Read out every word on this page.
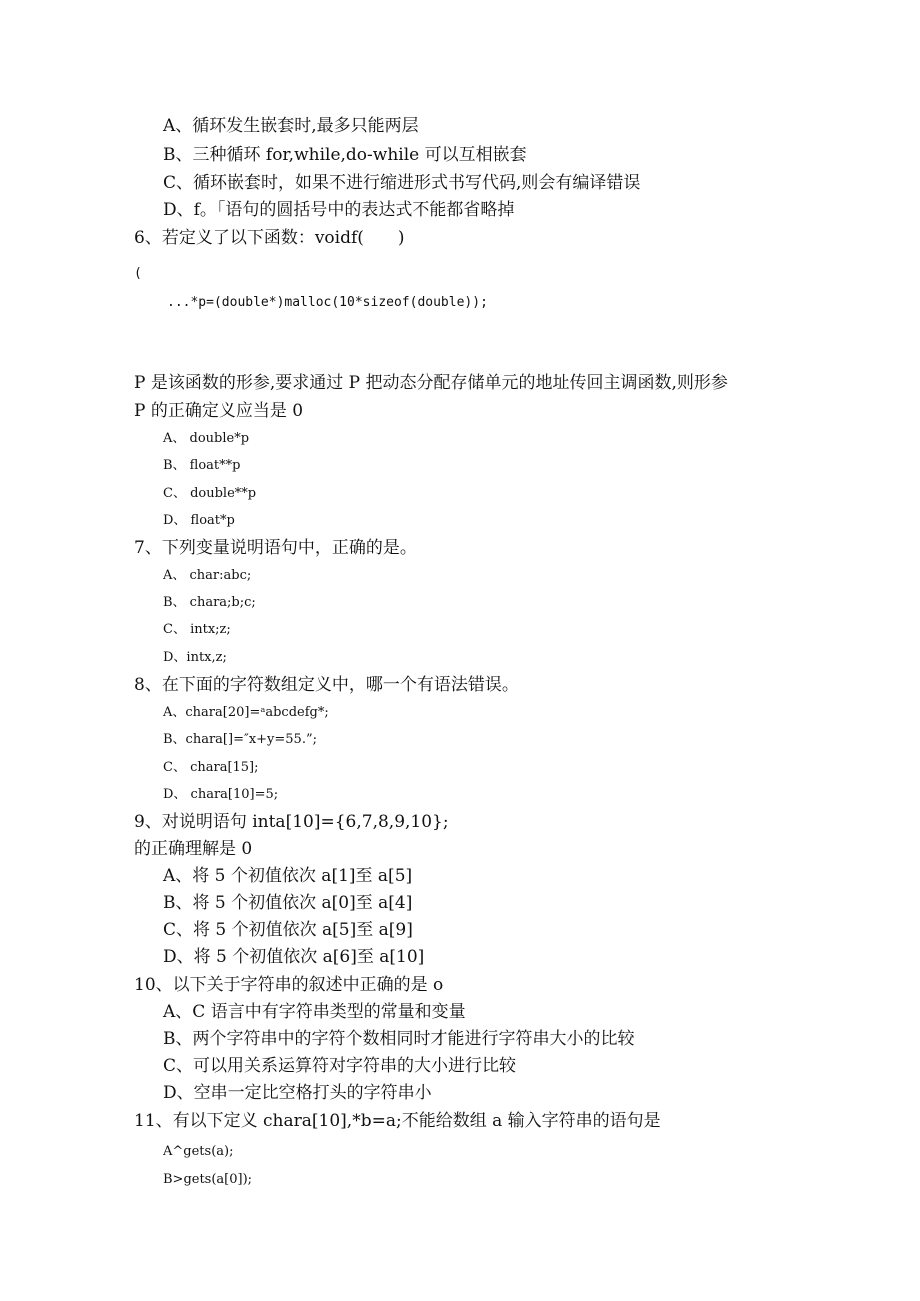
A、循环发生嵌套时,最多只能两层
B、三种循环 for,while,do-while 可以互相嵌套
C、循环嵌套时，如果不进行缩进形式书写代码,则会有编译错误
D、f。「语句的圆括号中的表达式不能都省略掉
6、若定义了以下函数：voidf(　　)
(
...*p=(double*)malloc(10*sizeof(double));
P 是该函数的形参,要求通过 P 把动态分配存储单元的地址传回主调函数,则形参
P 的正确定义应当是 0
A、 double*p
B、 float**p
C、 double**p
D、 float*p
7、下列变量说明语句中，正确的是。
A、 char:abc;
B、 chara;b;c;
C、 intx;z;
D、intx,z;
8、在下面的字符数组定义中，哪一个有语法错误。
A、chara[20]=ᵃabcdefg*;
B、chara[]=″x+y=55.”;
C、 chara[15];
D、 chara[10]=5;
9、对说明语句 inta[10]={6,7,8,9,10};
的正确理解是 0
A、将 5 个初值依次 a[1]至 a[5]
B、将 5 个初值依次 a[0]至 a[4]
C、将 5 个初值依次 a[5]至 a[9]
D、将 5 个初值依次 a[6]至 a[10]
10、以下关于字符串的叙述中正确的是 o
A、C 语言中有字符串类型的常量和变量
B、两个字符串中的字符个数相同时才能进行字符串大小的比较
C、可以用关系运算符对字符串的大小进行比较
D、空串一定比空格打头的字符串小
11、有以下定义 chara[10],*b=a;不能给数组 a 输入字符串的语句是
A^gets(a);
B>gets(a[0]);
